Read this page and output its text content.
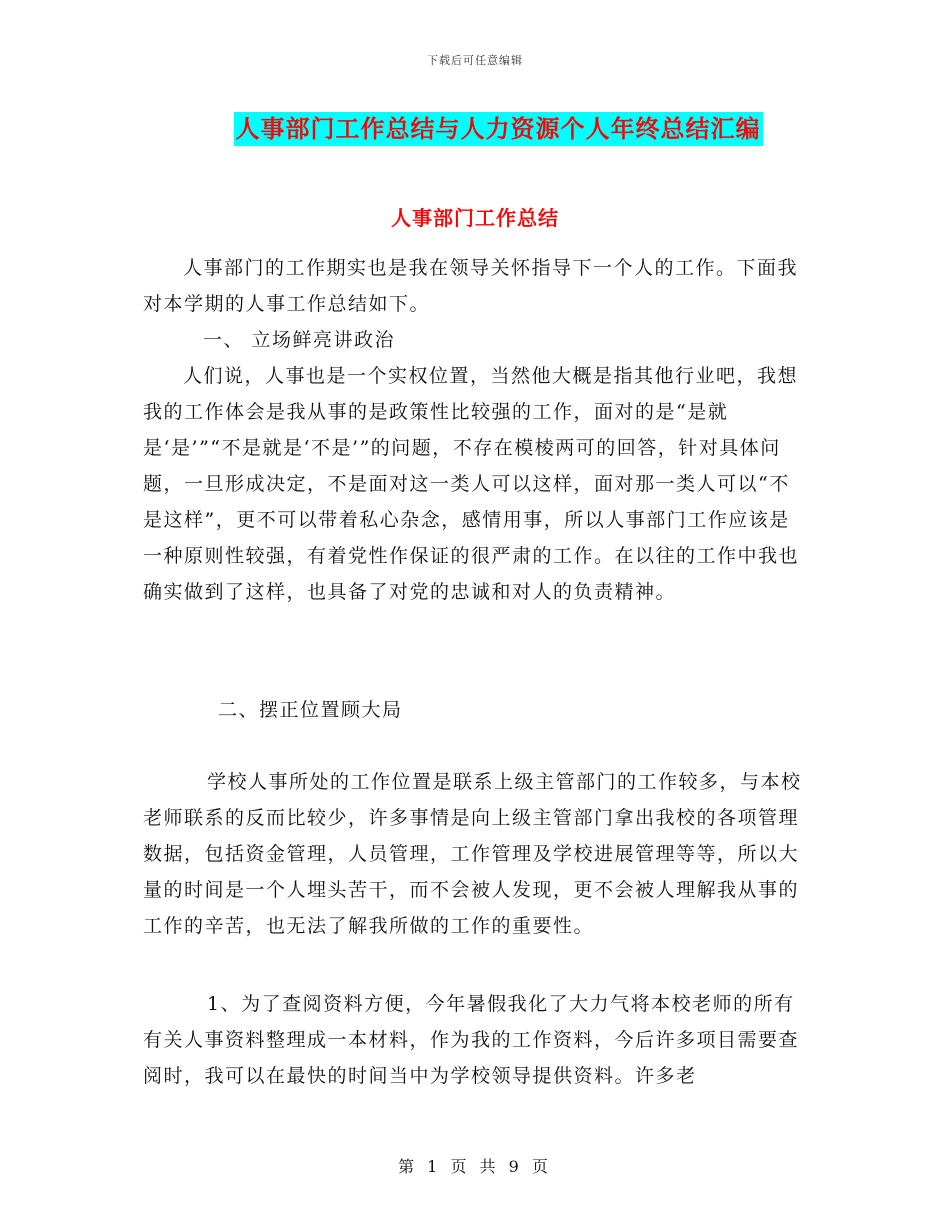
下载后可任意编辑
人事部门工作总结与人力资源个人年终总结汇编
人事部门工作总结

人事部门的工作期实也是我在领导关怀指导下一个人的工作。下面我对本学期的人事工作总结如下。

一、 立场鲜亮讲政治

人们说，人事也是一个实权位置，当然他大概是指其他行业吧，我想我的工作体会是我从事的是政策性比较强的工作，面对的是“是就是‘是’”“不是就是‘不是’”的问题，不存在模棱两可的回答，针对具体问题，一旦形成决定，不是面对这一类人可以这样，面对那一类人可以“不是这样”，更不可以带着私心杂念，感情用事，所以人事部门工作应该是一种原则性较强，有着党性作保证的很严肃的工作。在以往的工作中我也确实做到了这样，也具备了对党的忠诚和对人的负责精神。

二、摆正位置顾大局

学校人事所处的工作位置是联系上级主管部门的工作较多，与本校老师联系的反而比较少，许多事情是向上级主管部门拿出我校的各项管理数据，包括资金管理，人员管理，工作管理及学校进展管理等等，所以大量的时间是一个人埋头苦干，而不会被人发现，更不会被人理解我从事的工作的辛苦，也无法了解我所做的工作的重要性。

1、为了查阅资料方便，今年暑假我化了大力气将本校老师的所有有关人事资料整理成一本材料，作为我的工作资料，今后许多项目需要查阅时，我可以在最快的时间当中为学校领导提供资料。许多老

第 1 页 共 9 页
